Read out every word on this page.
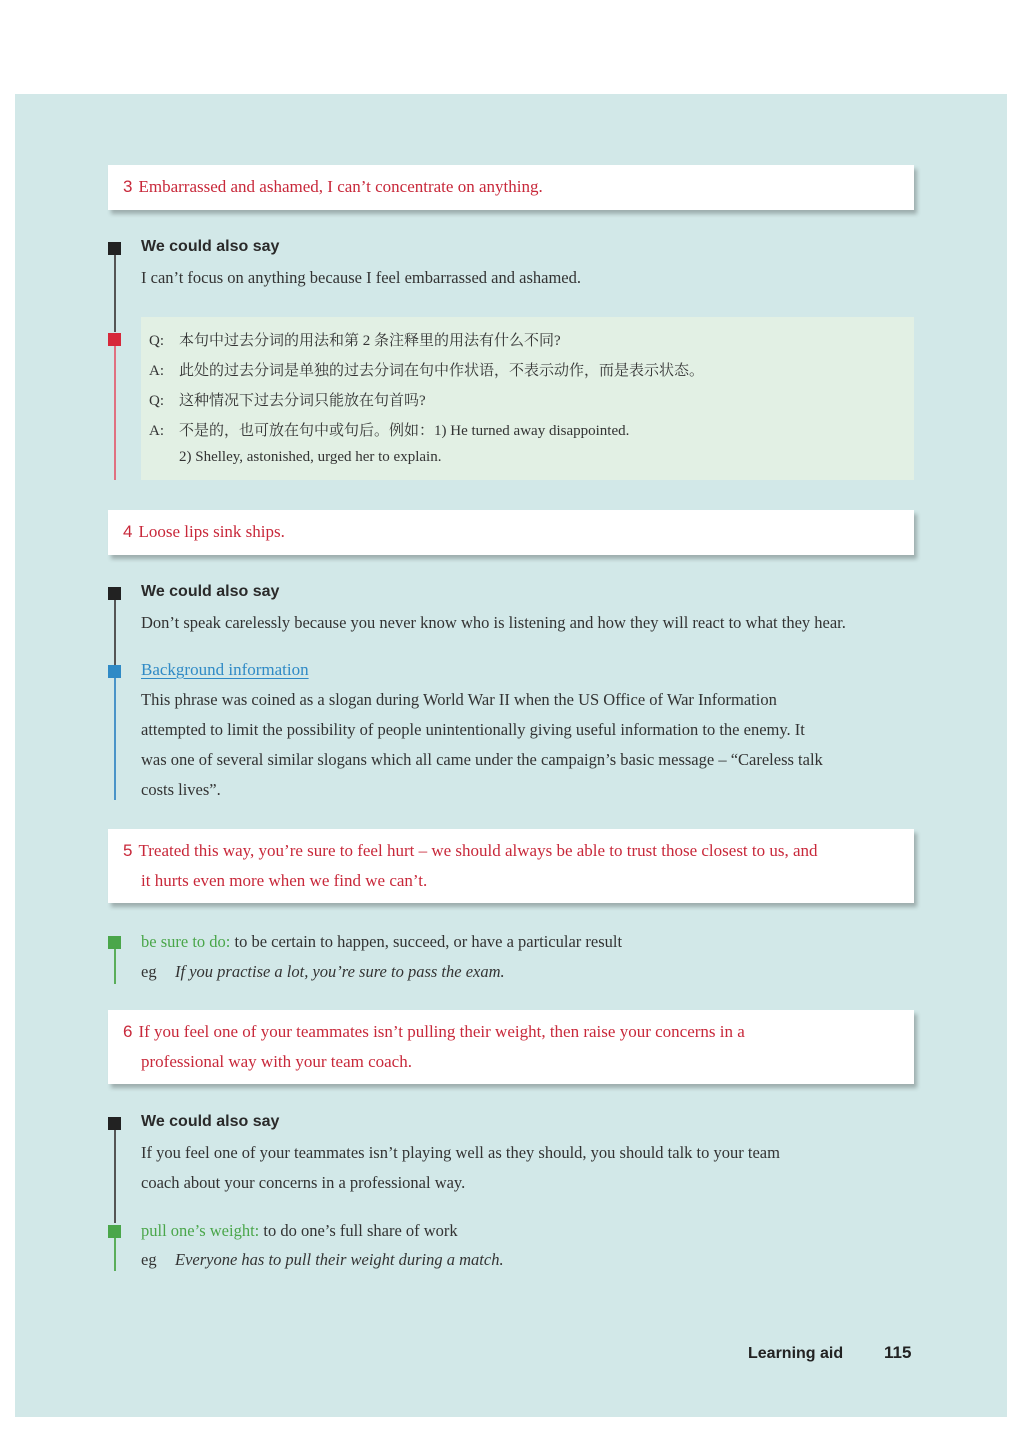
3 Embarrassed and ashamed, I can’t concentrate on anything.
We could also say
I can’t focus on anything because I feel embarrassed and ashamed.
Q: 本句中过去分词的用法和第 2 条注释里的用法有什么不同?
A: 此处的过去分词是单独的过去分词在句中作状语，不表示动作，而是表示状态。
Q: 这种情况下过去分词只能放在句首吗?
A: 不是的，也可放在句中或句后。例如：1) He turned away disappointed.
2) Shelley, astonished, urged her to explain.
4 Loose lips sink ships.
We could also say
Don’t speak carelessly because you never know who is listening and how they will react to what they hear.
Background information
This phrase was coined as a slogan during World War II when the US Office of War Information
attempted to limit the possibility of people unintentionally giving useful information to the enemy. It
was one of several similar slogans which all came under the campaign’s basic message – “Careless talk
costs lives”.
5 Treated this way, you’re sure to feel hurt – we should always be able to trust those closest to us, and
it hurts even more when we find we can’t.
be sure to do: to be certain to happen, succeed, or have a particular result
eg If you practise a lot, you’re sure to pass the exam.
6 If you feel one of your teammates isn’t pulling their weight, then raise your concerns in a
professional way with your team coach.
We could also say
If you feel one of your teammates isn’t playing well as they should, you should talk to your team
coach about your concerns in a professional way.
pull one’s weight: to do one’s full share of work
eg Everyone has to pull their weight during a match.
Learning aid 115
